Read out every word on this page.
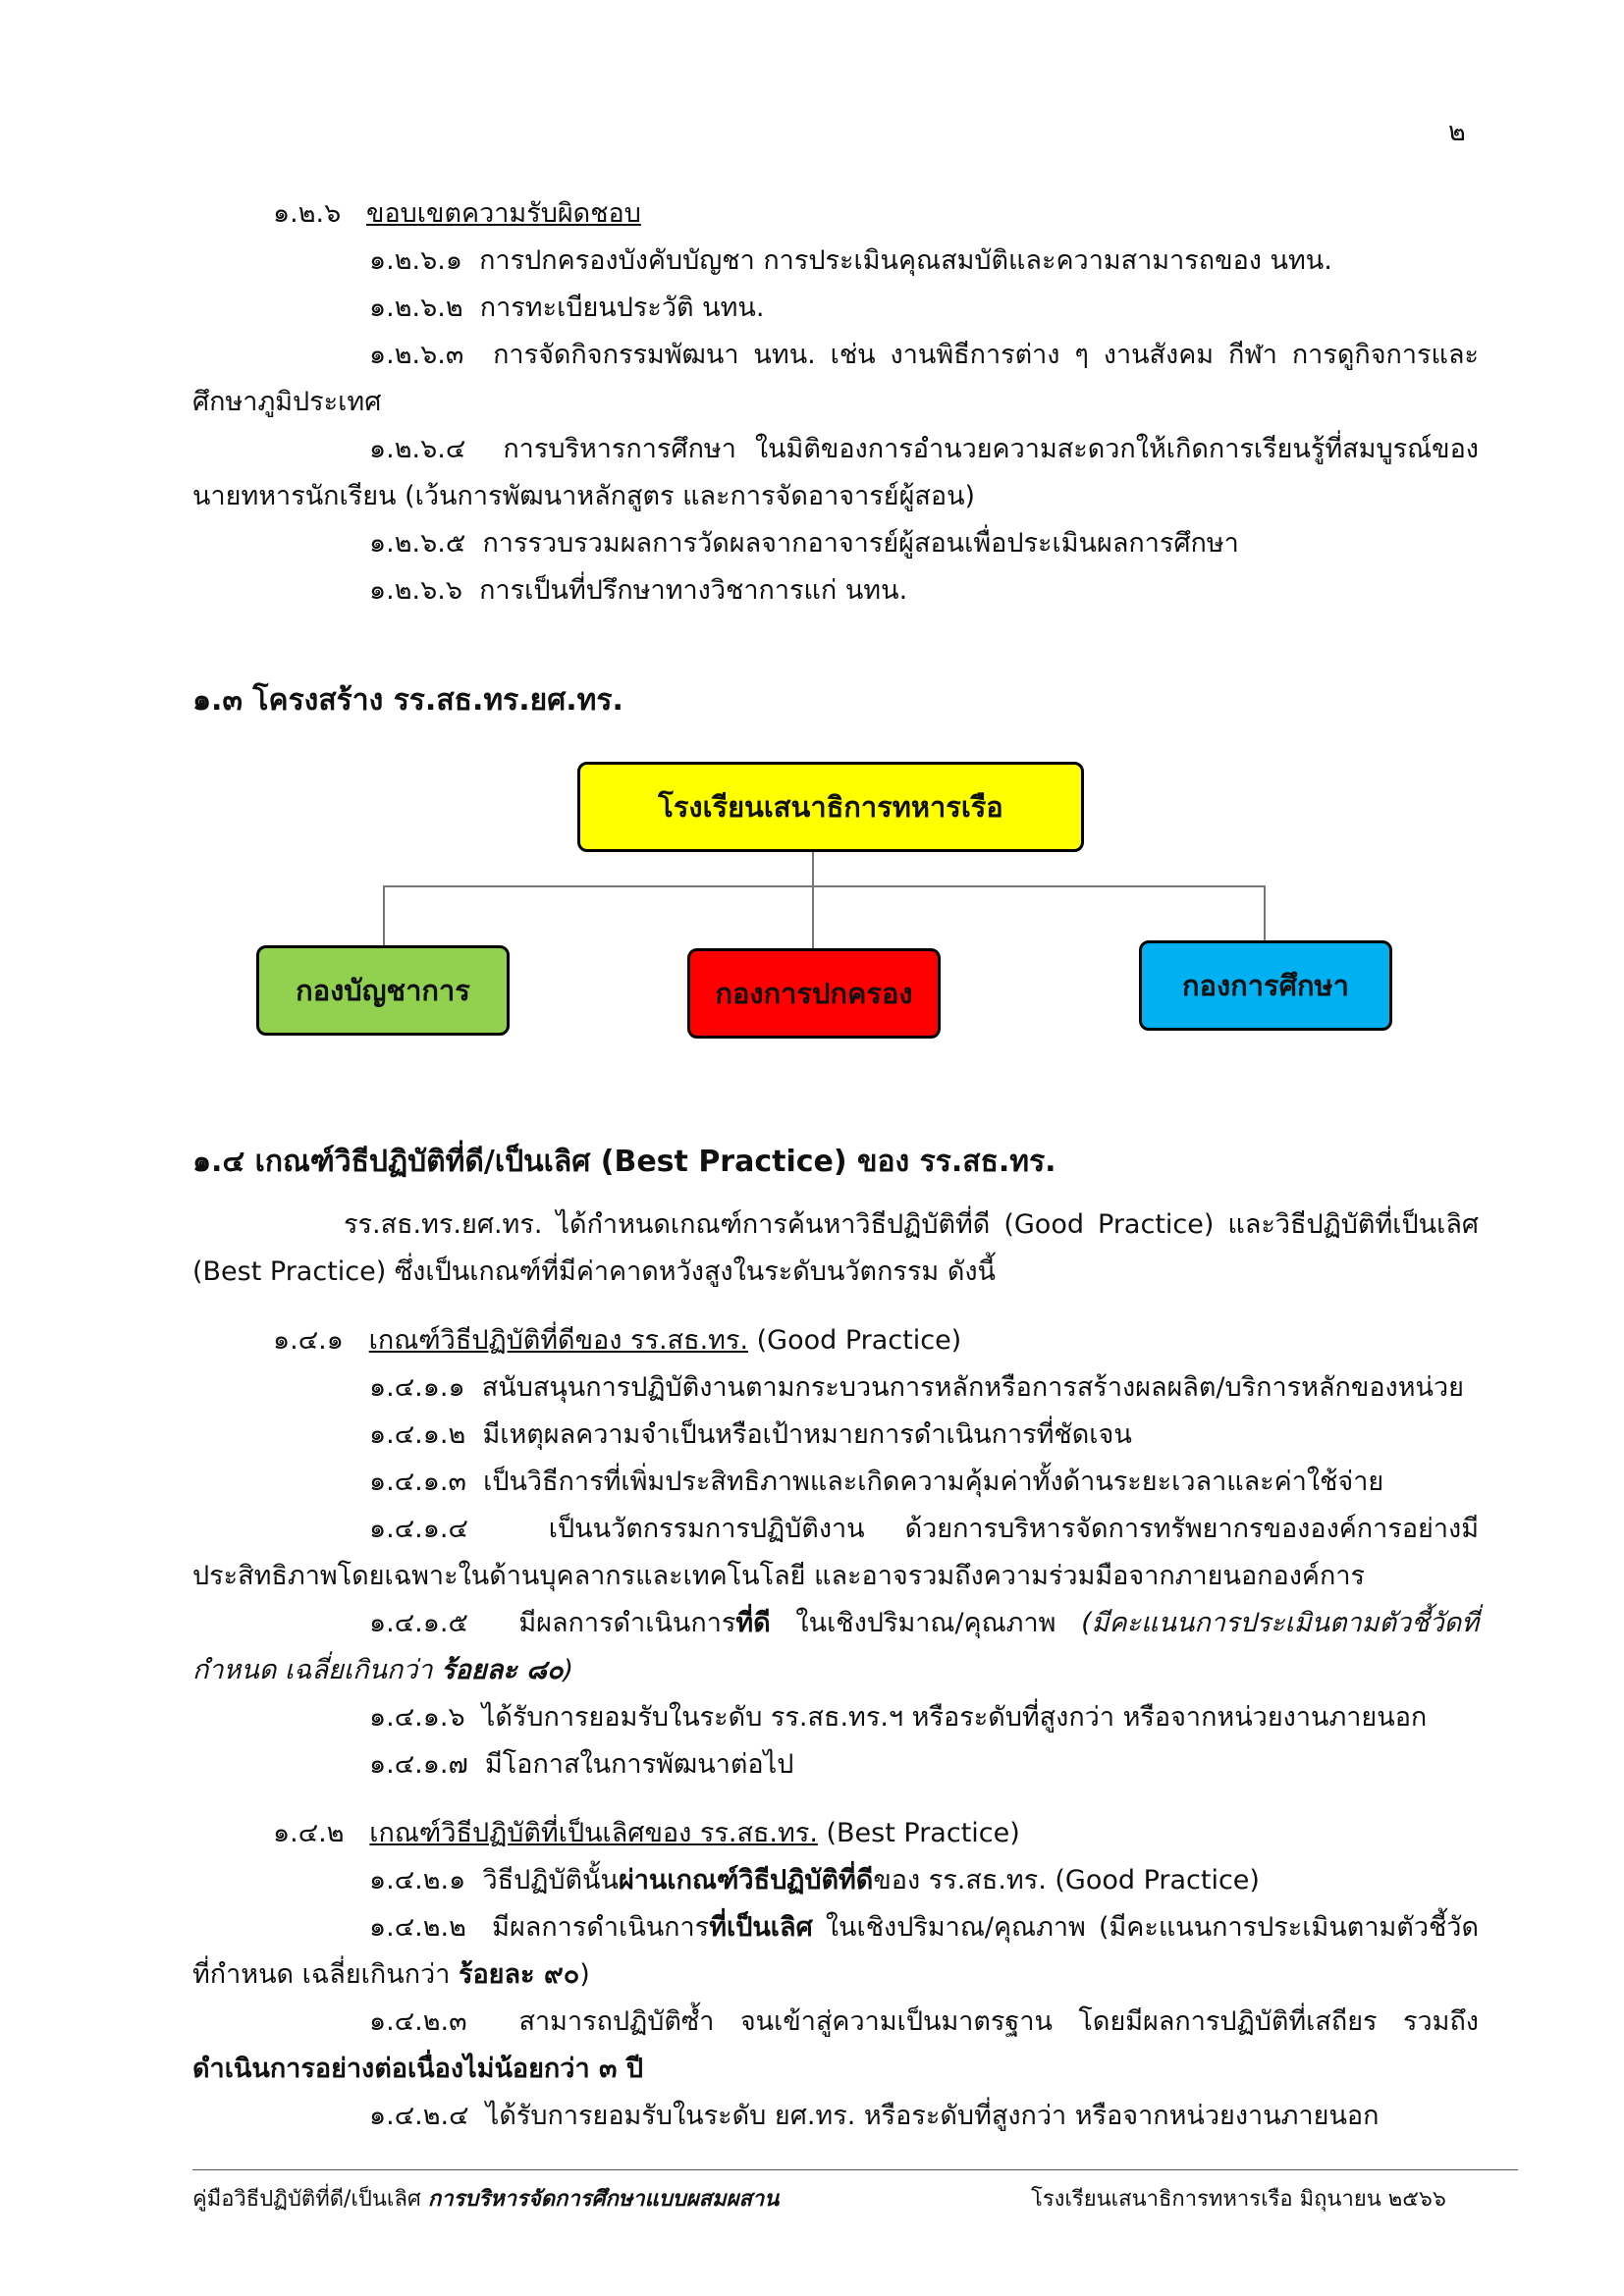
๒
๑.๒.๖ ขอบเขตความรับผิดชอบ
๑.๒.๖.๑ การปกครองบังคับบัญชา การประเมินคุณสมบัติและความสามารถของ นทน.
๑.๒.๖.๒ การทะเบียนประวัติ นทน.
๑.๒.๖.๓ การจัดกิจกรรมพัฒนา นทน. เช่น งานพิธีการต่าง ๆ งานสังคม กีฬา การดูกิจการและ
ศึกษาภูมิประเทศ
๑.๒.๖.๔ การบริหารการศึกษา ในมิติของการอำนวยความสะดวกให้เกิดการเรียนรู้ที่สมบูรณ์ของ
นายทหารนักเรียน (เว้นการพัฒนาหลักสูตร และการจัดอาจารย์ผู้สอน)
๑.๒.๖.๕ การรวบรวมผลการวัดผลจากอาจารย์ผู้สอนเพื่อประเมินผลการศึกษา
๑.๒.๖.๖ การเป็นที่ปรึกษาทางวิชาการแก่ นทน.
๑.๓ โครงสร้าง รร.สธ.ทร.ยศ.ทร.
โรงเรียนเสนาธิการทหารเรือ
กองบัญชาการ	กองการปกครอง	กองการศึกษา
๑.๔ เกณฑ์วิธีปฏิบัติที่ดี/เป็นเลิศ (Best Practice) ของ รร.สธ.ทร.
รร.สธ.ทร.ยศ.ทร. ได้กำหนดเกณฑ์การค้นหาวิธีปฏิบัติที่ดี (Good Practice) และวิธีปฏิบัติที่เป็นเลิศ
(Best Practice) ซึ่งเป็นเกณฑ์ที่มีค่าคาดหวังสูงในระดับนวัตกรรม ดังนี้
๑.๔.๑ เกณฑ์วิธีปฏิบัติที่ดีของ รร.สธ.ทร. (Good Practice)
๑.๔.๑.๑ สนับสนุนการปฏิบัติงานตามกระบวนการหลักหรือการสร้างผลผลิต/บริการหลักของหน่วย
๑.๔.๑.๒ มีเหตุผลความจำเป็นหรือเป้าหมายการดำเนินการที่ชัดเจน
๑.๔.๑.๓ เป็นวิธีการที่เพิ่มประสิทธิภาพและเกิดความคุ้มค่าทั้งด้านระยะเวลาและค่าใช้จ่าย
๑.๔.๑.๔	เป็นนวัตกรรมการปฏิบัติงาน ด้วยการบริหารจัดการทรัพยากรขององค์การอย่างมี
ประสิทธิภาพโดยเฉพาะในด้านบุคลากรและเทคโนโลยี และอาจรวมถึงความร่วมมือจากภายนอกองค์การ
๑.๔.๑.๕ มีผลการดำเนินการที่ดี ในเชิงปริมาณ/คุณภาพ (มีคะแนนการประเมินตามตัวชี้วัดที่
กำหนด เฉลี่ยเกินกว่า ร้อยละ ๘๐)
๑.๔.๑.๖ ได้รับการยอมรับในระดับ รร.สธ.ทร.ฯ หรือระดับที่สูงกว่า หรือจากหน่วยงานภายนอก
๑.๔.๑.๗ มีโอกาสในการพัฒนาต่อไป
๑.๔.๒ เกณฑ์วิธีปฏิบัติที่เป็นเลิศของ รร.สธ.ทร. (Best Practice)
๑.๔.๒.๑ วิธีปฏิบัตินั้นผ่านเกณฑ์วิธีปฏิบัติที่ดีของ รร.สธ.ทร. (Good Practice)
๑.๔.๒.๒ มีผลการดำเนินการที่เป็นเลิศ ในเชิงปริมาณ/คุณภาพ (มีคะแนนการประเมินตามตัวชี้วัด
ที่กำหนด เฉลี่ยเกินกว่า ร้อยละ ๙๐)
๑.๔.๒.๓ สามารถปฏิบัติซ้ำ จนเข้าสู่ความเป็นมาตรฐาน โดยมีผลการปฏิบัติที่เสถียร รวมถึง
ดำเนินการอย่างต่อเนื่องไม่น้อยกว่า ๓ ปี
๑.๔.๒.๔ ได้รับการยอมรับในระดับ ยศ.ทร. หรือระดับที่สูงกว่า หรือจากหน่วยงานภายนอก
คู่มือวิธีปฏิบัติที่ดี/เป็นเลิศ การบริหารจัดการศึกษาแบบผสมผสาน	โรงเรียนเสนาธิการทหารเรือ มิถุนายน ๒๕๖๖
